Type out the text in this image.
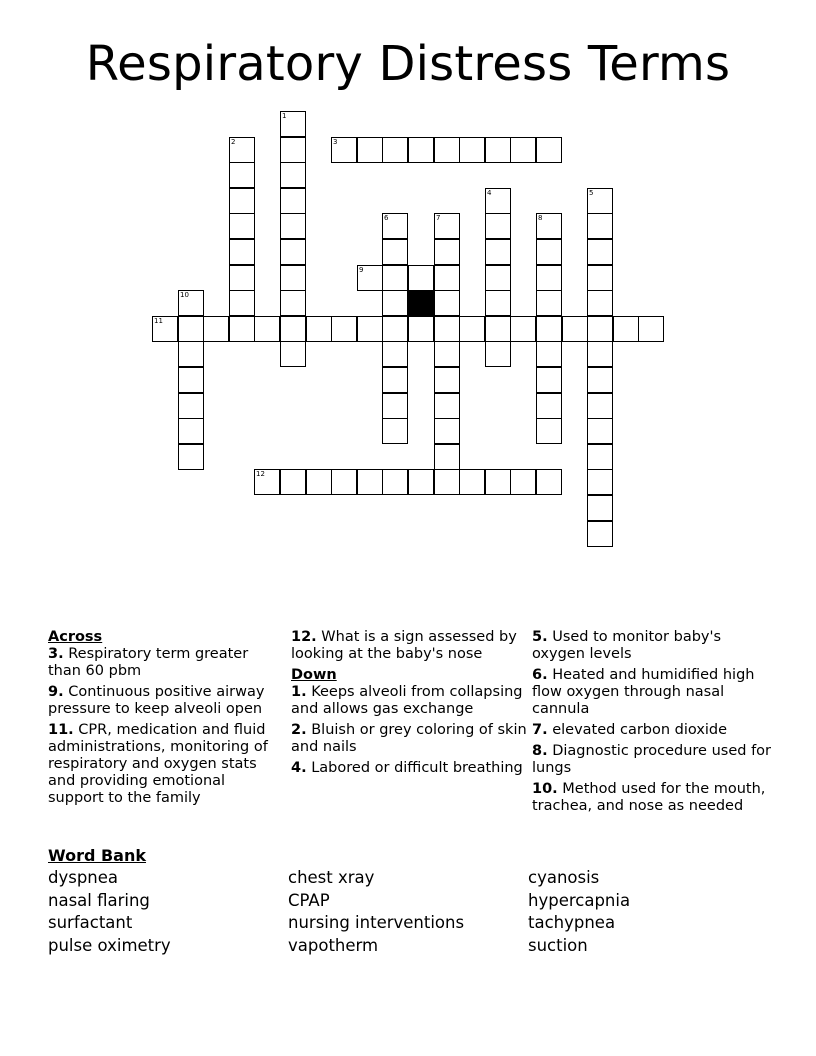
Respiratory Distress Terms
1
2	3
4	5
6	7	8
9
10
11
12
Across
3. Respiratory term greater than 60 pbm
9. Continuous positive airway pressure to keep alveoli open
11. CPR, medication and fluid administrations, monitoring of respiratory and oxygen stats and providing emotional support to the family
12. What is a sign assessed by looking at the baby's nose
Down
1. Keeps alveoli from collapsing and allows gas exchange
2. Bluish or grey coloring of skin and nails
4. Labored or difficult breathing
5. Used to monitor baby's oxygen levels
6. Heated and humidified high flow oxygen through nasal cannula
7. elevated carbon dioxide
8. Diagnostic procedure used for lungs
10. Method used for the mouth, trachea, and nose as needed
Word Bank
dyspnea	chest xray	cyanosis
nasal flaring	CPAP	hypercapnia
surfactant	nursing interventions	tachypnea
pulse oximetry	vapotherm	suction
